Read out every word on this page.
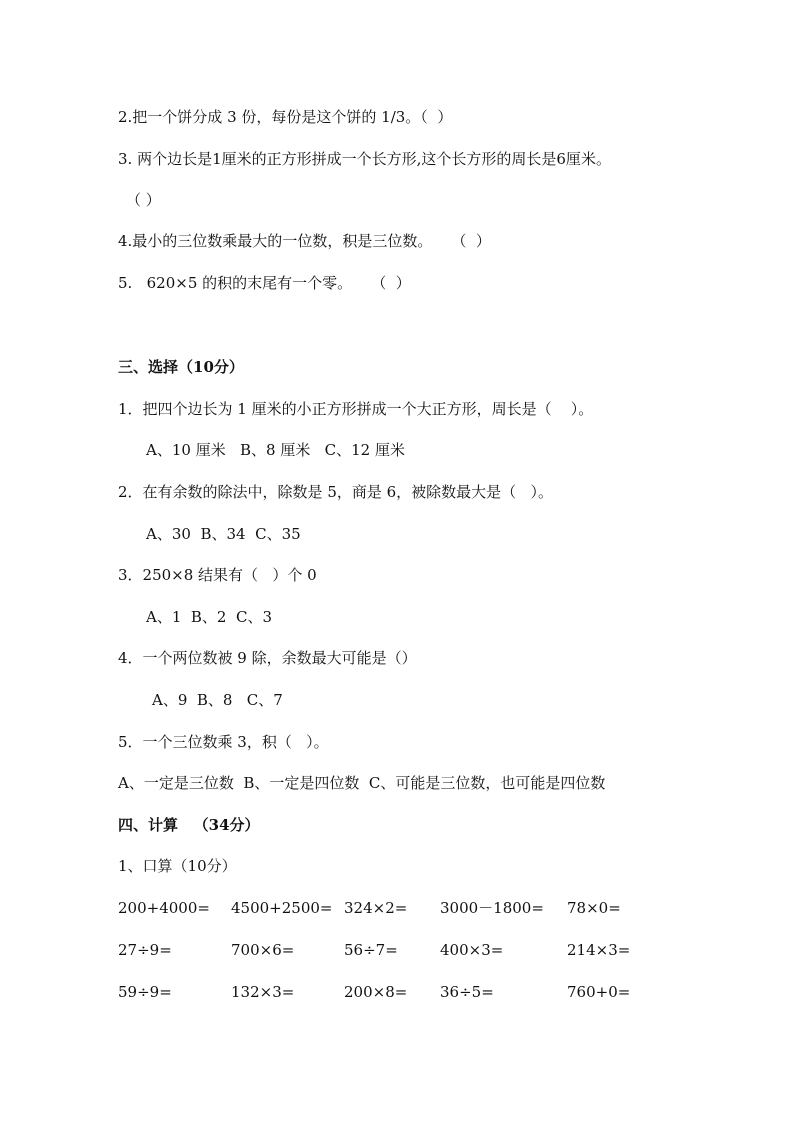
2.把一个饼分成 3 份，每份是这个饼的 1/3。（  ）
3. 两个边长是1厘米的正方形拼成一个长方形,这个长方形的周长是6厘米。
（ ）
4.最小的三位数乘最大的一位数，积是三位数。    （  ）
5.   620×5 的积的末尾有一个零。    （  ）
三、选择（10分）
1．把四个边长为 1 厘米的小正方形拼成一个大正方形，周长是（    ）。
A、10 厘米   B、8 厘米   C、12 厘米
2．在有余数的除法中，除数是 5，商是 6，被除数最大是（   ）。
A、30  B、34  C、35
3．250×8 结果有（   ）个 0
A、1  B、2  C、3
4．一个两位数被 9 除，余数最大可能是（）
A、9  B、8   C、7
5．一个三位数乘 3，积（   ）。
A、一定是三位数  B、一定是四位数  C、可能是三位数，也可能是四位数
四、计算   （34分）
1、口算（10分）
200+4000= 4500+2500= 324×2= 3000－1800= 78×0=
27÷9=	700×6=	56÷7=	400×3=	214×3=
59÷9=	132×3=	200×8= 36÷5=	760+0=
